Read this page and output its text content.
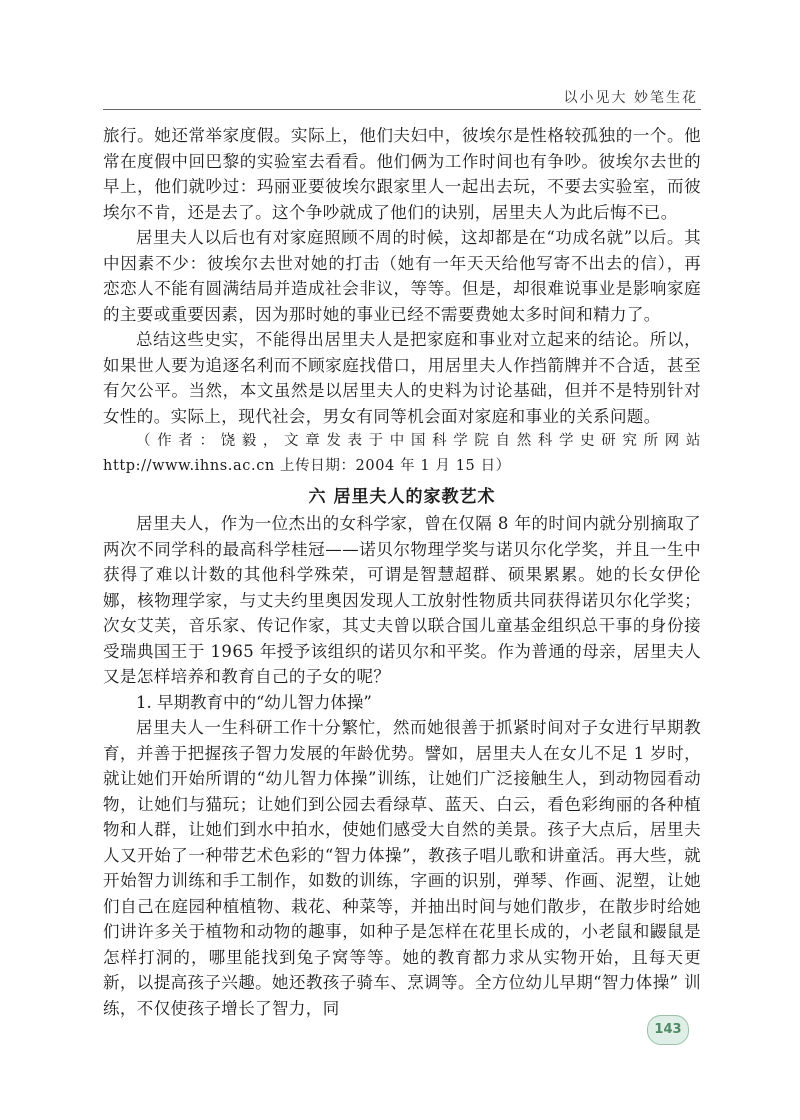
以小见大 妙笔生花

旅行。她还常举家度假。实际上，他们夫妇中，彼埃尔是性格较孤独的一个。他常在度假中回巴黎的实验室去看看。他们俩为工作时间也有争吵。彼埃尔去世的早上，他们就吵过：玛丽亚要彼埃尔跟家里人一起出去玩，不要去实验室，而彼埃尔不肯，还是去了。这个争吵就成了他们的诀别，居里夫人为此后悔不已。

居里夫人以后也有对家庭照顾不周的时候，这却都是在“功成名就”以后。其中因素不少：彼埃尔去世对她的打击（她有一年天天给他写寄不出去的信），再恋恋人不能有圆满结局并造成社会非议，等等。但是，却很难说事业是影响家庭的主要或重要因素，因为那时她的事业已经不需要费她太多时间和精力了。

总结这些史实，不能得出居里夫人是把家庭和事业对立起来的结论。所以，如果世人要为追逐名利而不顾家庭找借口，用居里夫人作挡箭牌并不合适，甚至有欠公平。当然，本文虽然是以居里夫人的史料为讨论基础，但并不是特别针对女性的。实际上，现代社会，男女有同等机会面对家庭和事业的关系问题。

（作者：饶毅，文章发表于中国科学院自然科学史研究所网站 http://www.ihns.ac.cn 上传日期：2004 年 1 月 15 日）

六 居里夫人的家教艺术

居里夫人，作为一位杰出的女科学家，曾在仅隔 8 年的时间内就分别摘取了两次不同学科的最高科学桂冠——诺贝尔物理学奖与诺贝尔化学奖，并且一生中获得了难以计数的其他科学殊荣，可谓是智慧超群、硕果累累。她的长女伊伦娜，核物理学家，与丈夫约里奥因发现人工放射性物质共同获得诺贝尔化学奖；次女艾芙，音乐家、传记作家，其丈夫曾以联合国儿童基金组织总干事的身份接受瑞典国王于 1965 年授予该组织的诺贝尔和平奖。作为普通的母亲，居里夫人又是怎样培养和教育自己的子女的呢？

1. 早期教育中的“幼儿智力体操”

居里夫人一生科研工作十分繁忙，然而她很善于抓紧时间对子女进行早期教育，并善于把握孩子智力发展的年龄优势。譬如，居里夫人在女儿不足 1 岁时，就让她们开始所谓的“幼儿智力体操”训练，让她们广泛接触生人，到动物园看动物，让她们与猫玩；让她们到公园去看绿草、蓝天、白云，看色彩绚丽的各种植物和人群，让她们到水中拍水，使她们感受大自然的美景。孩子大点后，居里夫人又开始了一种带艺术色彩的“智力体操”，教孩子唱儿歌和讲童活。再大些，就开始智力训练和手工制作，如数的训练，字画的识别，弹琴、作画、泥塑，让她们自己在庭园种植植物、栽花、种菜等，并抽出时间与她们散步，在散步时给她们讲许多关于植物和动物的趣事，如种子是怎样在花里长成的，小老鼠和鼹鼠是怎样打洞的，哪里能找到兔子窝等等。她的教育都力求从实物开始，且每天更新，以提高孩子兴趣。她还教孩子骑车、烹调等。全方位幼儿早期“智力体操” 训练，不仅使孩子增长了智力，同

143
